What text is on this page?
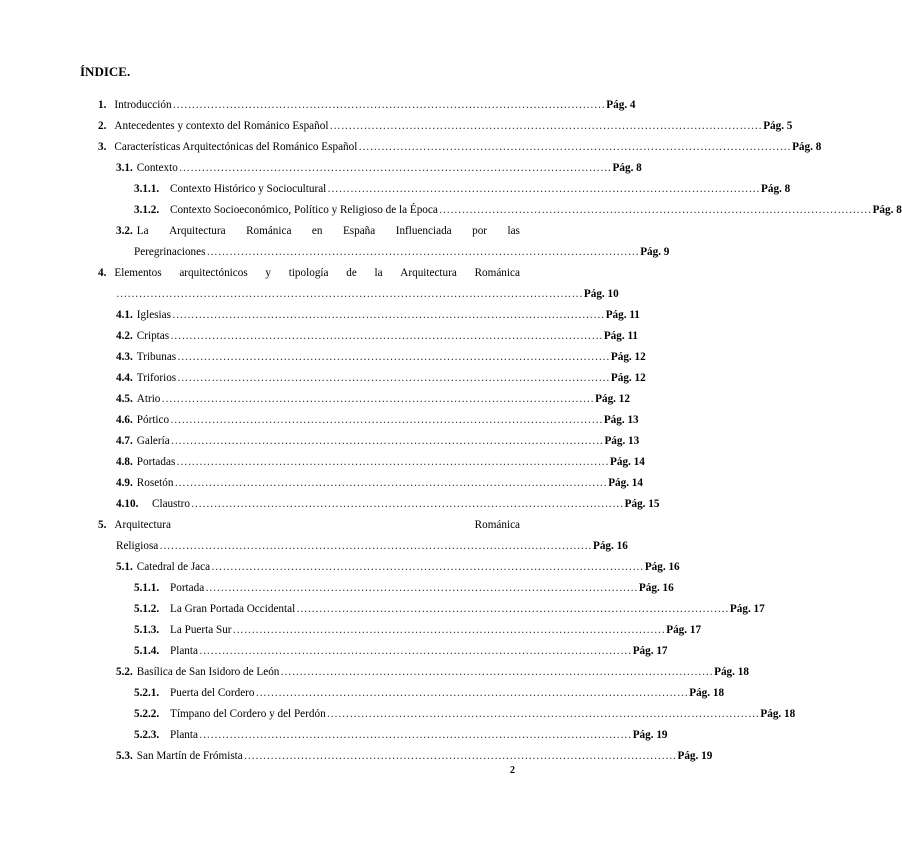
ÍNDICE.
1. Introducción …………………………………………………………………………………………………… Pág. 4
2. Antecedentes y contexto del Románico Español …………………………………………………………………………………………………… Pág. 5
3. Características Arquitectónicas del Románico Español …………………………………………………………………………………………………… Pág. 8
3.1. Contexto …………………………………………………………………………………………………… Pág. 8
3.1.1. Contexto Histórico y Sociocultural …………………………………………………………………………………………………… Pág. 8
3.1.2. Contexto Socioeconómico, Político y Religioso de la Época …………………………………………………………………………………………………… Pág. 8
3.2. La Arquitectura Románica en España Influenciada por las
Peregrinaciones …………………………………………………………………………………………………… Pág. 9
4. Elementos arquitectónicos y tipología de la Arquitectura Románica
…………………………………………………………………………………………………………… Pág. 10
4.1. Iglesias …………………………………………………………………………………………………… Pág. 11
4.2. Criptas …………………………………………………………………………………………………… Pág. 11
4.3. Tribunas …………………………………………………………………………………………………… Pág. 12
4.4. Triforios …………………………………………………………………………………………………… Pág. 12
4.5. Atrio …………………………………………………………………………………………………… Pág. 12
4.6. Pórtico …………………………………………………………………………………………………… Pág. 13
4.7. Galería …………………………………………………………………………………………………… Pág. 13
4.8. Portadas …………………………………………………………………………………………………… Pág. 14
4.9. Rosetón …………………………………………………………………………………………………… Pág. 14
4.10.	Claustro …………………………………………………………………………………………………… Pág. 15
5. Arquitectura	Románica
Religiosa …………………………………………………………………………………………………… Pág. 16
5.1. Catedral de Jaca …………………………………………………………………………………………………… Pág. 16
5.1.1. Portada …………………………………………………………………………………………………… Pág. 16
5.1.2. La Gran Portada Occidental …………………………………………………………………………………………………… Pág. 17
5.1.3. La Puerta Sur …………………………………………………………………………………………………… Pág. 17
5.1.4. Planta …………………………………………………………………………………………………… Pág. 17
5.2. Basílica de San Isidoro de León …………………………………………………………………………………………………… Pág. 18
5.2.1. Puerta del Cordero …………………………………………………………………………………………………… Pág. 18
5.2.2. Tímpano del Cordero y del Perdón …………………………………………………………………………………………………… Pág. 18
5.2.3. Planta …………………………………………………………………………………………………… Pág. 19
5.3. San Martín de Frómista …………………………………………………………………………………………………… Pág. 19
2
